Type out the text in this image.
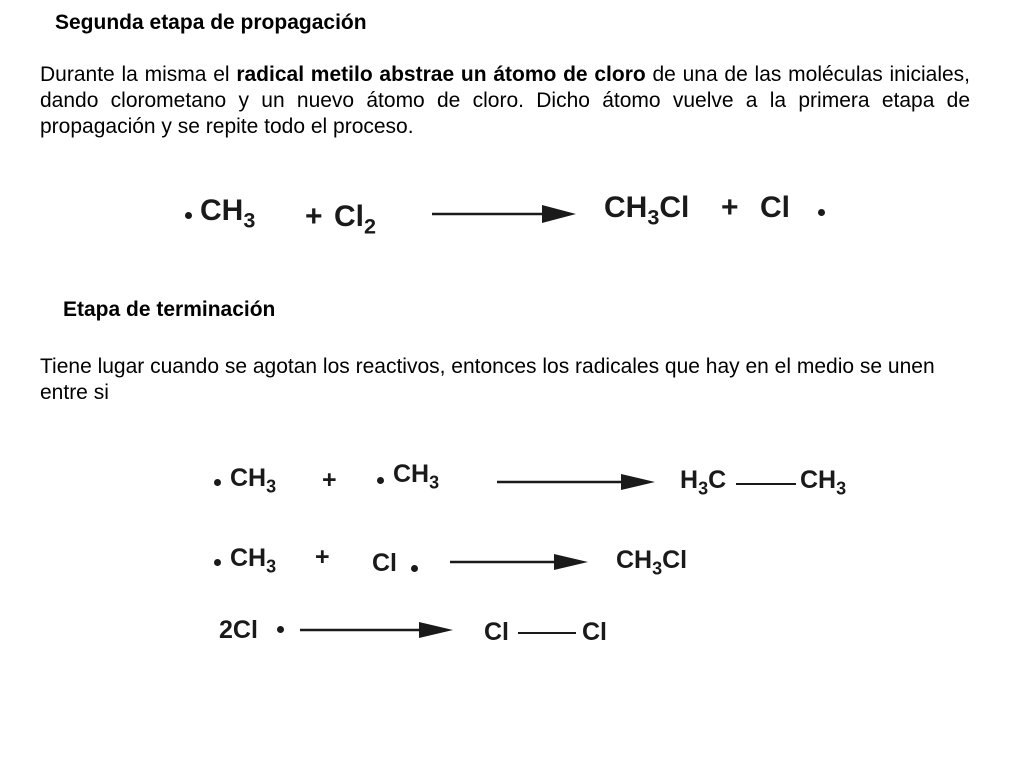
Segunda etapa de propagación

Durante la misma el radical metilo abstrae un átomo de cloro de una de las moléculas iniciales, dando clorometano y un nuevo átomo de cloro. Dicho átomo vuelve a la primera etapa de propagación y se repite todo el proceso.

$CH_3 + Cl_2$
$CH_3Cl + Cl$
Etapa de terminación

Tiene lugar cuando se agotan los reactivos, entonces los radicales que hay en el medio se unen entre si

$CH_3 + CH_3$	$H_3C$	$CH_3$
$CH_3 + Cl$	$CH_3Cl$
2Cl	Cl	Cl
